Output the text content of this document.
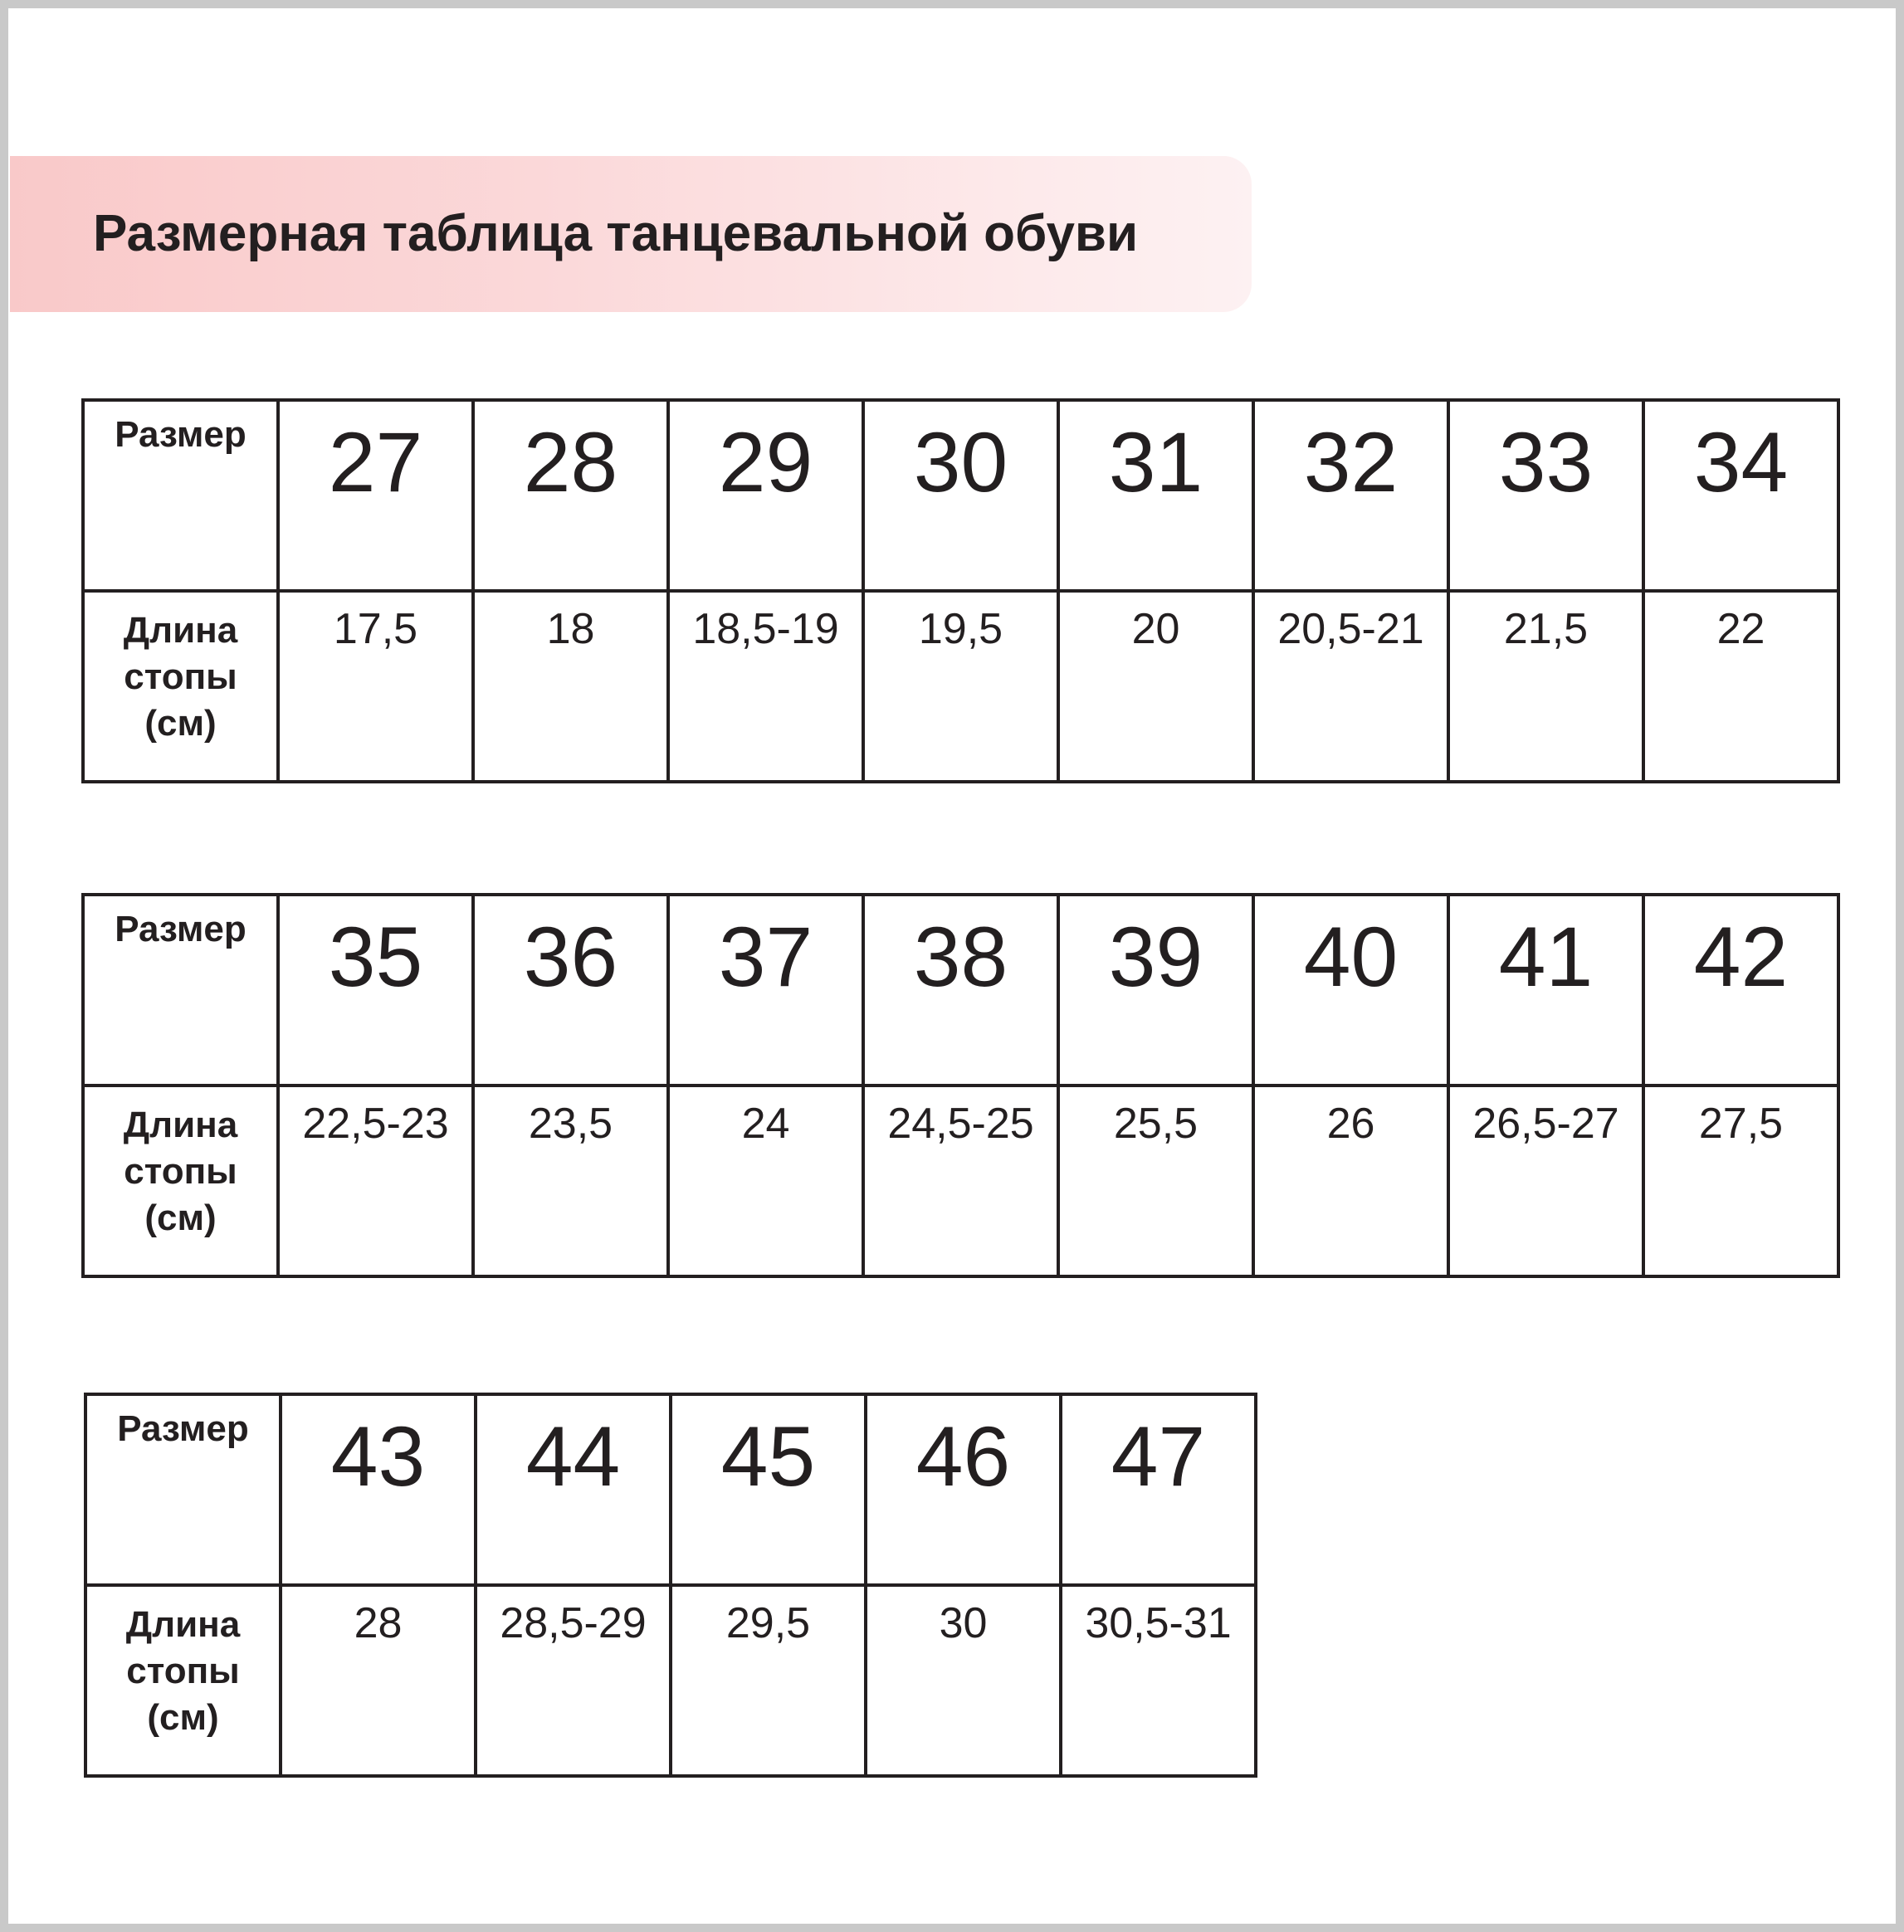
Размерная таблица танцевальной обуви
Размер	27	28	29	30	31	32	33	34

Длина
стопы
(см)	17,5	18	18,5-19	19,5	20	20,5-21	21,5	22
Размер	35	36	37	38	39	40	41	42

Длина
стопы
(см)	22,5-23	23,5	24	24,5-25	25,5	26	26,5-27	27,5
Размер	43	44	45	46	47

Длина
стопы
(см)	28	28,5-29	29,5	30	30,5-31
